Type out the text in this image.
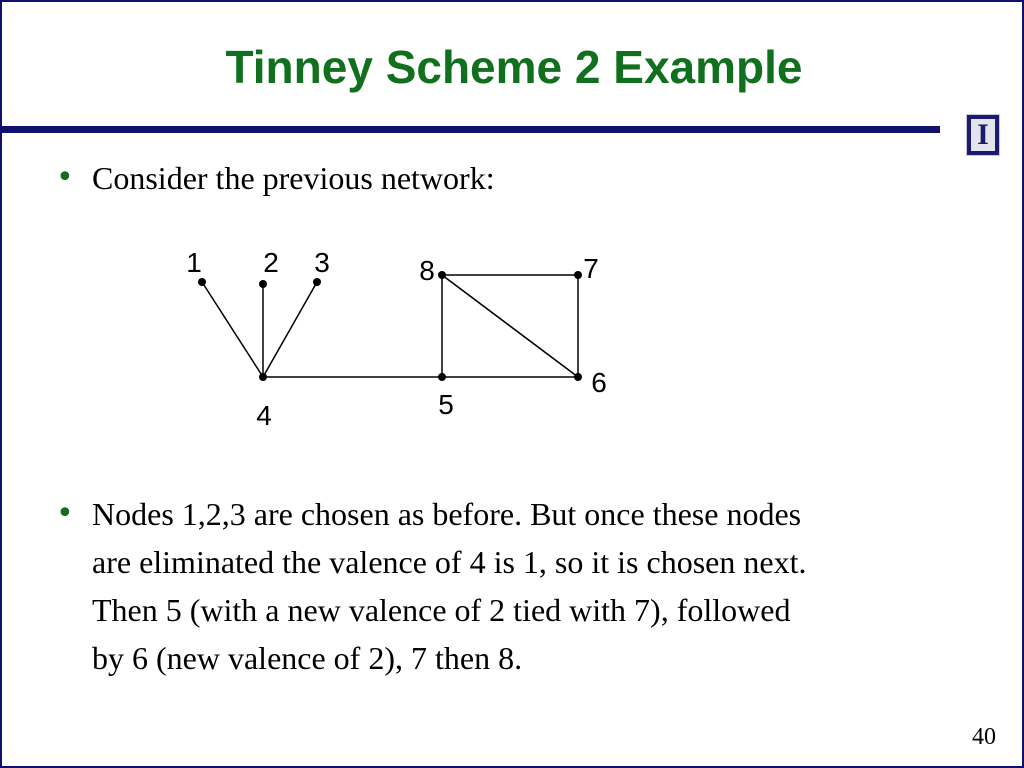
Tinney Scheme 2 Example
I
• Consider the previous network:
1 2 3
4	5
6
7
8
• Nodes 1,2,3 are chosen as before. But once these nodes
are eliminated the valence of 4 is 1, so it is chosen next.
Then 5 (with a new valence of 2 tied with 7), followed
by 6 (new valence of 2), 7 then 8.
40
